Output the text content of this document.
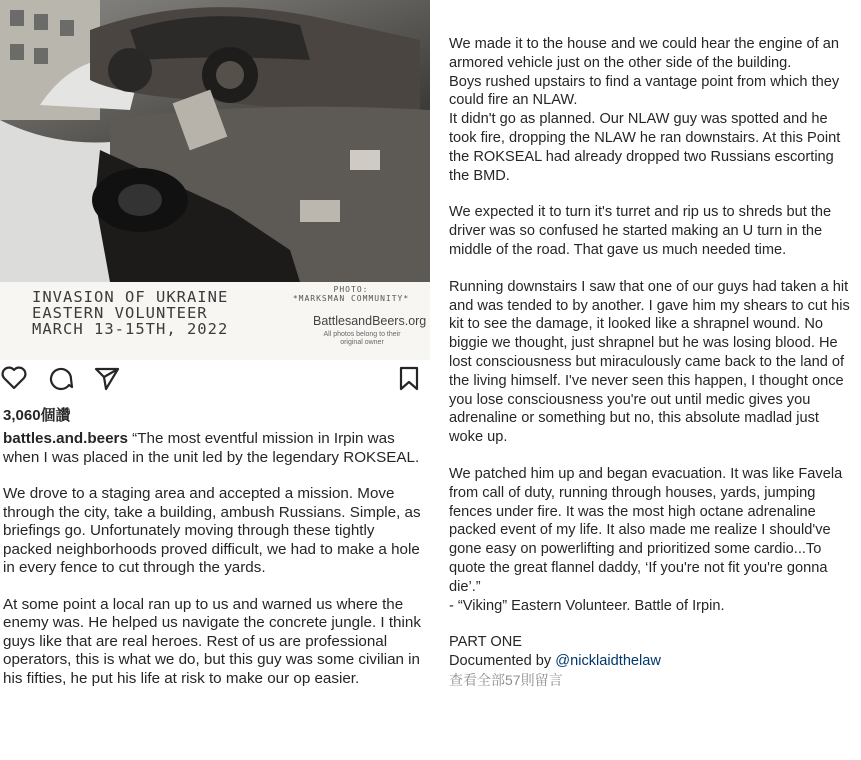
INVASION OF UKRAINE
EASTERN VOLUNTEER
MARCH 13-15TH, 2022
PHOTO:
*MARKSMAN COMMUNITY*
BattlesandBeers.org
All photos belong to their
original owner
3,060個讚

battles.and.beers “The most eventful mission in Irpin was when I was placed in the unit led by the legendary ROKSEAL.

We drove to a staging area and accepted a mission. Move through the city, take a building, ambush Russians. Simple, as briefings go. Unfortunately moving through these tightly packed neighborhoods proved difficult, we had to make a hole in every fence to cut through the yards.

At some point a local ran up to us and warned us where the enemy was. He helped us navigate the concrete jungle. I think guys like that are real heroes. Rest of us are professional operators, this is what we do, but this guy was some civilian in his fifties, he put his life at risk to make our op easier.

We made it to the house and we could hear the engine of an armored vehicle just on the other side of the building.

Boys rushed upstairs to find a vantage point from which they could fire an NLAW.

It didn't go as planned. Our NLAW guy was spotted and he took fire, dropping the NLAW he ran downstairs. At this Point the ROKSEAL had already dropped two Russians escorting the BMD.

We expected it to turn it's turret and rip us to shreds but the driver was so confused he started making an U turn in the middle of the road. That gave us much needed time.

Running downstairs I saw that one of our guys had taken a hit and was tended to by another. I gave him my shears to cut his kit to see the damage, it looked like a shrapnel wound. No biggie we thought, just shrapnel but he was losing blood. He lost consciousness but miraculously came back to the land of the living himself. I've never seen this happen, I thought once you lose consciousness you're out until medic gives you adrenaline or something but no, this absolute madlad just woke up.

We patched him up and began evacuation. It was like Favela from call of duty, running through houses, yards, jumping fences under fire. It was the most high octane adrenaline packed event of my life. It also made me realize I should've gone easy on powerlifting and prioritized some cardio...To quote the great flannel daddy, ‘If you're not fit you're gonna die’.”

- “Viking” Eastern Volunteer. Battle of Irpin.

PART ONE

Documented by @nicklaidthelaw

查看全部57則留言
